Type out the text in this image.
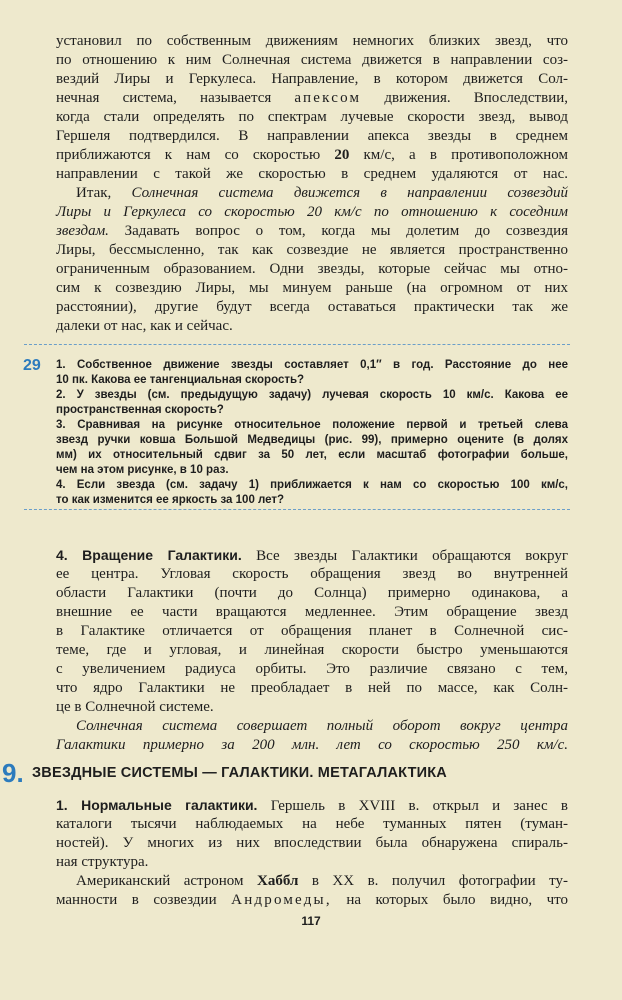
установил по собственным движениям немногих близких звезд, что
по отношению к ним Солнечная система движется в направлении соз-
вездий Лиры и Геркулеса. Направление, в котором движется Сол-
нечная система, называется апексом движения. Впоследствии,
когда стали определять по спектрам лучевые скорости звезд, вывод
Гершеля подтвердился. В направлении апекса звезды в среднем
приближаются к нам со скоростью 20 км/с, а в противоположном
направлении с такой же скоростью в среднем удаляются от нас.
Итак, Солнечная система движется в направлении созвездий
Лиры и Геркулеса со скоростью 20 км/с по отношению к соседним
звездам. Задавать вопрос о том, когда мы долетим до созвездия
Лиры, бессмысленно, так как созвездие не является пространственно
ограниченным образованием. Одни звезды, которые сейчас мы отно-
сим к созвездию Лиры, мы минуем раньше (на огромном от них
расстоянии), другие будут всегда оставаться практически так же
далеки от нас, как и сейчас.
29 1. Собственное движение звезды составляет 0,1″ в год. Расстояние до нее
10 пк. Какова ее тангенциальная скорость?
2. У звезды (см. предыдущую задачу) лучевая скорость 10 км/с. Какова ее
пространственная скорость?
3. Сравнивая на рисунке относительное положение первой и третьей слева
звезд ручки ковша Большой Медведицы (рис. 99), примерно оцените (в долях
мм) их относительный сдвиг за 50 лет, если масштаб фотографии больше,
чем на этом рисунке, в 10 раз.
4. Если звезда (см. задачу 1) приближается к нам со скоростью 100 км/с,
то как изменится ее яркость за 100 лет?
4. Вращение Галактики. Все звезды Галактики обращаются вокруг
ее центра. Угловая скорость обращения звезд во внутренней
области Галактики (почти до Солнца) примерно одинакова, а
внешние ее части вращаются медленнее. Этим обращение звезд
в Галактике отличается от обращения планет в Солнечной сис-
теме, где и угловая, и линейная скорости быстро уменьшаются
с увеличением радиуса орбиты. Это различие связано с тем,
что ядро Галактики не преобладает в ней по массе, как Солн-
це в Солнечной системе.
Солнечная система совершает полный оборот вокруг центра
Галактики примерно за 200 млн. лет со скоростью 250 км/с.
9. ЗВЕЗДНЫЕ СИСТЕМЫ — ГАЛАКТИКИ. МЕТАГАЛАКТИКА
1. Нормальные галактики. Гершель в XVIII в. открыл и занес в
каталоги тысячи наблюдаемых на небе туманных пятен (туман-
ностей). У многих из них впоследствии была обнаружена спираль-
ная структура.
Американский астроном Хаббл в XX в. получил фотографии ту-
манности в созвездии Андромеды, на которых было видно, что
117
